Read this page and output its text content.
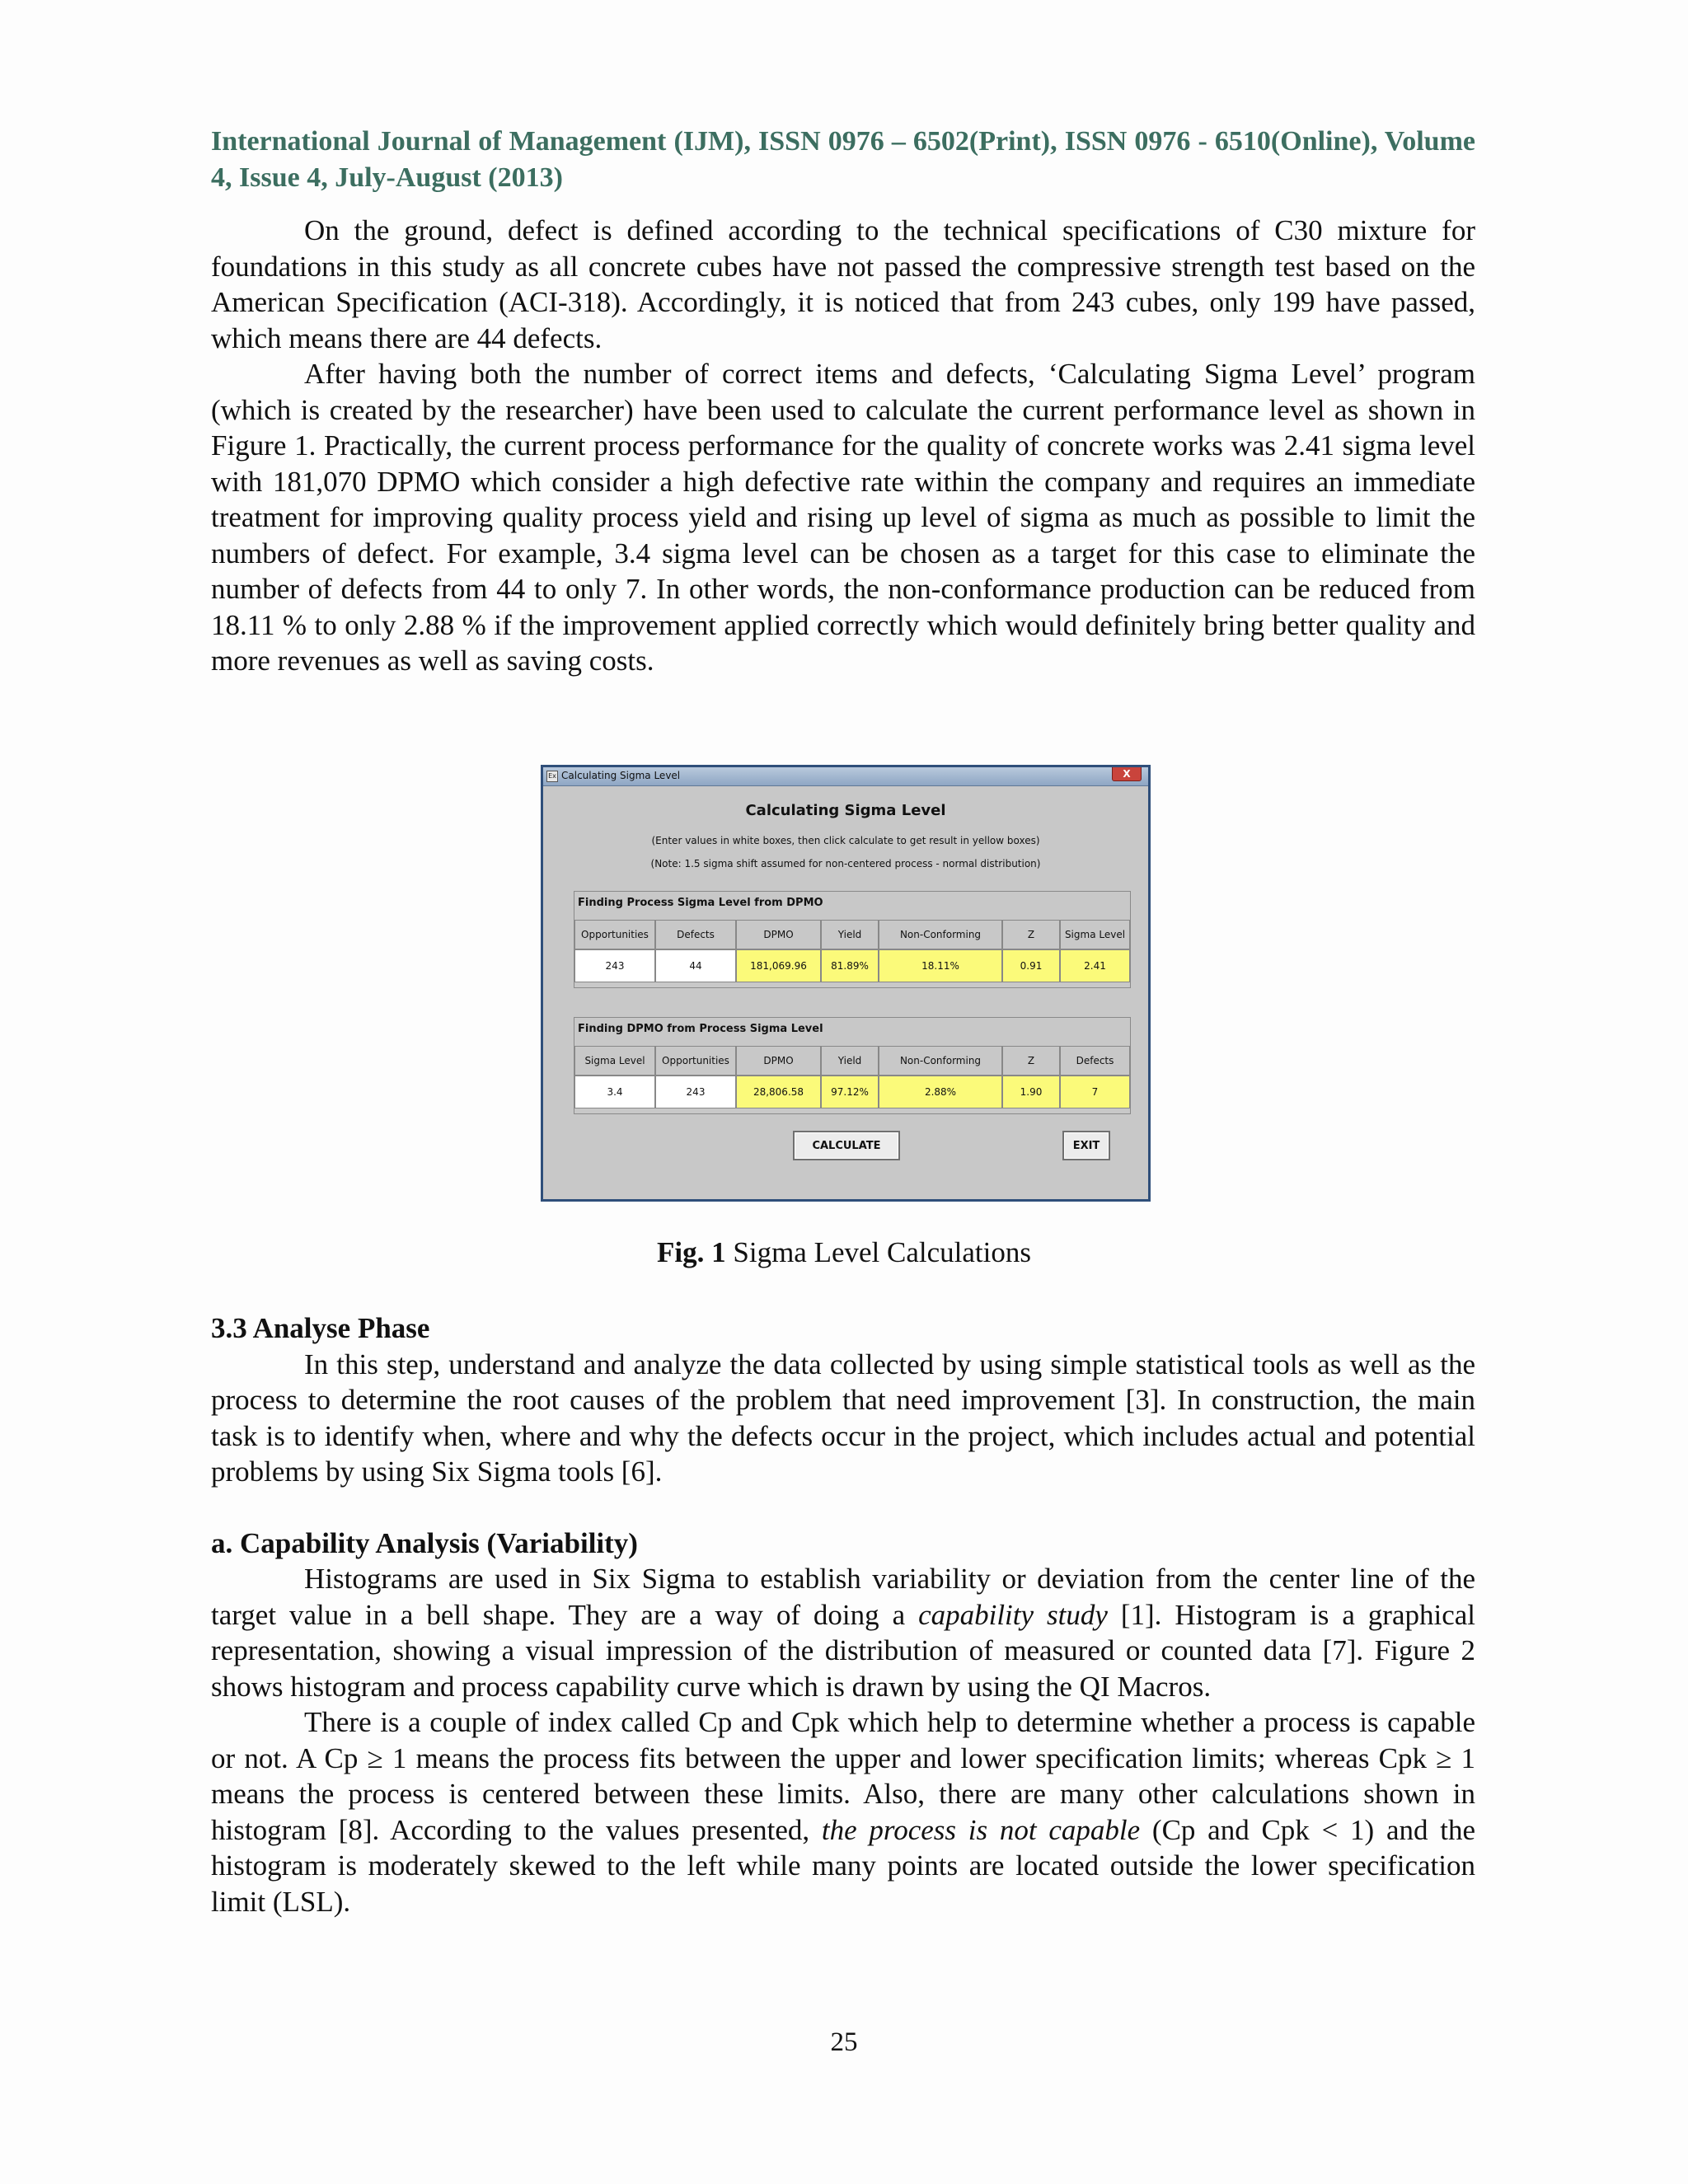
International Journal of Management (IJM), ISSN 0976 – 6502(Print), ISSN 0976 - 6510(Online), Volume 4, Issue 4, July-August (2013)

On the ground, defect is defined according to the technical specifications of C30 mixture for foundations in this study as all concrete cubes have not passed the compressive strength test based on the American Specification (ACI-318). Accordingly, it is noticed that from 243 cubes, only 199 have passed, which means there are 44 defects.

After having both the number of correct items and defects, ‘Calculating Sigma Level’ program (which is created by the researcher) have been used to calculate the current performance level as shown in Figure 1. Practically, the current process performance for the quality of concrete works was 2.41 sigma level with 181,070 DPMO which consider a high defective rate within the company and requires an immediate treatment for improving quality process yield and rising up level of sigma as much as possible to limit the numbers of defect. For example, 3.4 sigma level can be chosen as a target for this case to eliminate the number of defects from 44 to only 7. In other words, the non-conformance production can be reduced from 18.11 % to only 2.88 % if the improvement applied correctly which would definitely bring better quality and more revenues as well as saving costs.

Ex Calculating Sigma Level	X
Calculating Sigma Level
(Enter values in white boxes, then click calculate to get result in yellow boxes)
(Note: 1.5 sigma shift assumed for non-centered process - normal distribution)
Finding Process Sigma Level from DPMO
Opportunities	Defects	DPMO	Yield	Non-Conforming	Z	Sigma Level
243	44	181,069.96	81.89%	18.11%	0.91	2.41
Finding DPMO from Process Sigma Level
Sigma Level	Opportunities	DPMO	Yield	Non-Conforming	Z	Defects
3.4	243	28,806.58	97.12%	2.88%	1.90	7
CALCULATE	EXIT
Fig. 1 Sigma Level Calculations

3.3 Analyse Phase

In this step, understand and analyze the data collected by using simple statistical tools as well as the process to determine the root causes of the problem that need improvement [3]. In construction, the main task is to identify when, where and why the defects occur in the project, which includes actual and potential problems by using Six Sigma tools [6].

a. Capability Analysis (Variability)

Histograms are used in Six Sigma to establish variability or deviation from the center line of the target value in a bell shape. They are a way of doing a capability study [1]. Histogram is a graphical representation, showing a visual impression of the distribution of measured or counted data [7]. Figure 2 shows histogram and process capability curve which is drawn by using the QI Macros.

There is a couple of index called Cp and Cpk which help to determine whether a process is capable or not. A Cp ≥ 1 means the process fits between the upper and lower specification limits; whereas Cpk ≥ 1 means the process is centered between these limits. Also, there are many other calculations shown in histogram [8]. According to the values presented, the process is not capable (Cp and Cpk < 1) and the histogram is moderately skewed to the left while many points are located outside the lower specification limit (LSL).

25
